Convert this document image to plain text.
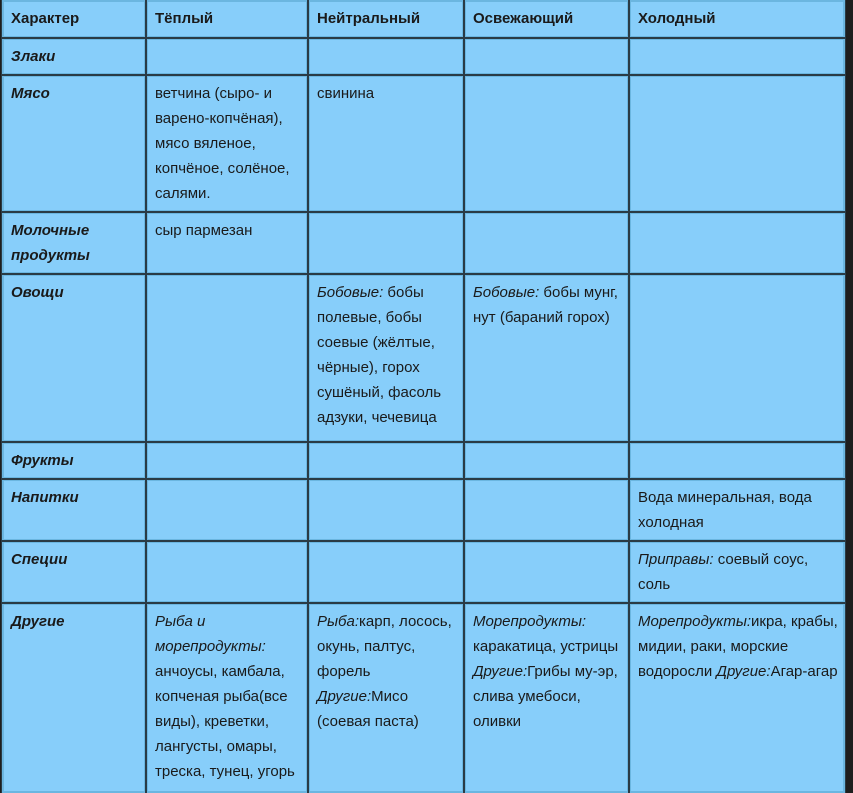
Характер	Тёплый	Нейтральный	Освежающий	Холодный
Злаки				
Мясо	ветчина (сыро- и варено-копчёная), мясо вяленое, копчёное, солёное, салями.	свинина		
Молочные продукты	сыр пармезан			
Овощи		Бобовые: бобы полевые, бобы соевые (жёлтые, чёрные), горох сушёный, фасоль адзуки, чечевица	Бобовые: бобы мунг, нут (бараний горох)	
Фрукты				
Напитки				Вода минеральная, вода холодная
Специи				Приправы: соевый соус, соль
Другие	Рыба и морепродукты: анчоусы, камбала, копченая рыба(все виды), креветки, лангусты, омары, треска, тунец, угорь	Рыба:карп, лосось, окунь, палтус, форель Другие:Мисо (соевая паста)	Морепродукты: каракатица, устрицы Другие:Грибы му-эр, слива умебоси, оливки	Морепродукты:икра, крабы, мидии, раки, морские водоросли Другие:Агар-агар
